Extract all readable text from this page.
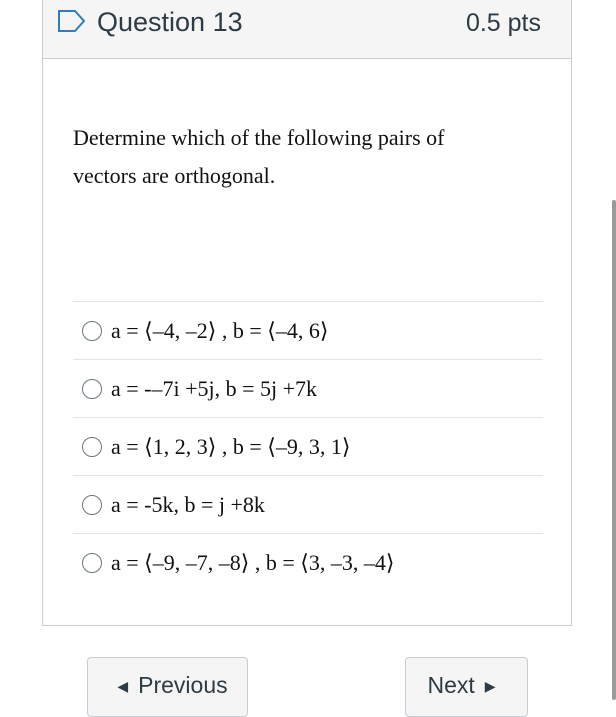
Question 13	0.5 pts
Determine which of the following pairs of vectors are orthogonal.
a = ⟨–4, –2⟩ , b = ⟨–4, 6⟩
a = -–7i +5j, b = 5j +7k
a = ⟨1, 2, 3⟩ , b = ⟨–9, 3, 1⟩
a = -5k, b = j +8k
a = ⟨–9, –7, –8⟩ , b = ⟨3, –3, –4⟩
◀ Previous	Next ▶
